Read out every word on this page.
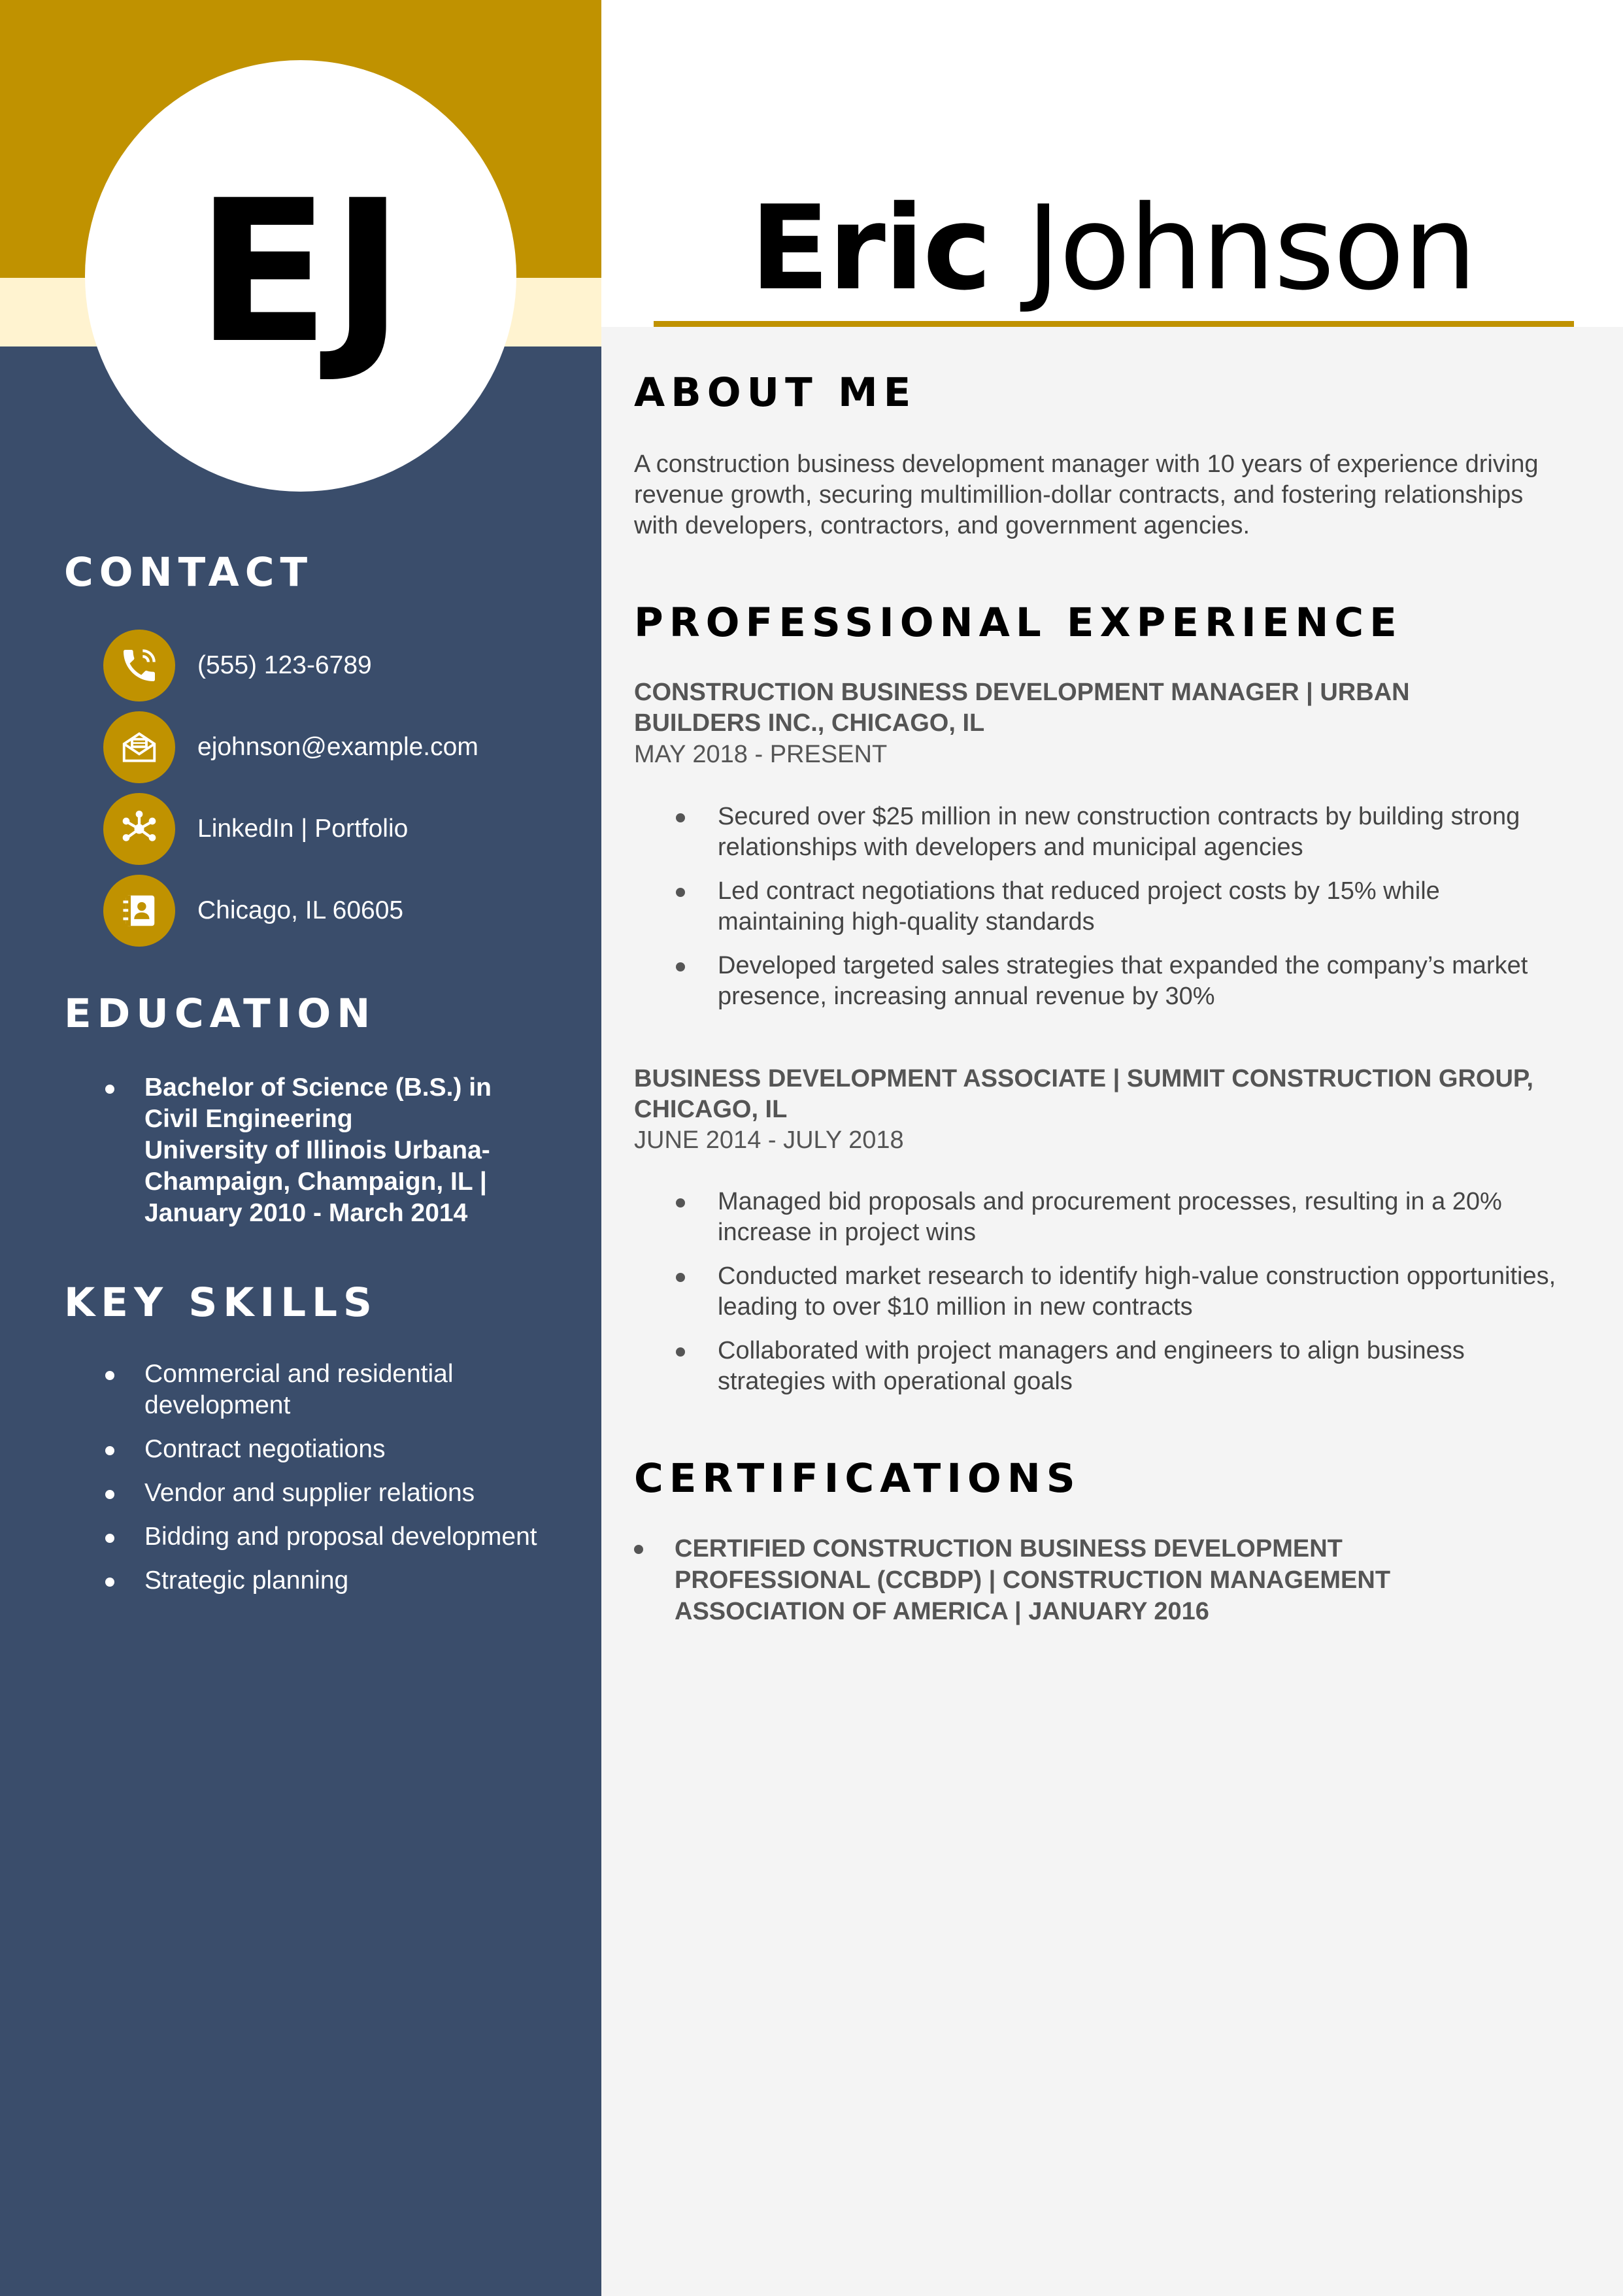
EJ
CONTACT
(555) 123-6789
ejohnson@example.com
LinkedIn | Portfolio
Chicago, IL 60605
EDUCATION
Bachelor of Science (B.S.) in
Civil Engineering
University of Illinois Urbana-
Champaign, Champaign, IL |
January 2010 - March 2014
KEY SKILLS
Commercial and residential development
Contract negotiations
Vendor and supplier relations
Bidding and proposal development
Strategic planning
Eric Johnson
ABOUT ME
A construction business development manager with 10 years of experience driving revenue growth, securing multimillion-dollar contracts, and fostering relationships with developers, contractors, and government agencies.
PROFESSIONAL EXPERIENCE
CONSTRUCTION BUSINESS DEVELOPMENT MANAGER | URBAN
BUILDERS INC., CHICAGO, IL
MAY 2018 - PRESENT
Secured over $25 million in new construction contracts by building strong relationships with developers and municipal agencies
Led contract negotiations that reduced project costs by 15% while maintaining high-quality standards
Developed targeted sales strategies that expanded the company’s market presence, increasing annual revenue by 30%
BUSINESS DEVELOPMENT ASSOCIATE | SUMMIT CONSTRUCTION GROUP,
CHICAGO, IL
JUNE 2014 - JULY 2018
Managed bid proposals and procurement processes, resulting in a 20% increase in project wins
Conducted market research to identify high-value construction opportunities, leading to over $10 million in new contracts
Collaborated with project managers and engineers to align business strategies with operational goals
CERTIFICATIONS
CERTIFIED CONSTRUCTION BUSINESS DEVELOPMENT
PROFESSIONAL (CCBDP) | CONSTRUCTION MANAGEMENT
ASSOCIATION OF AMERICA | JANUARY 2016
